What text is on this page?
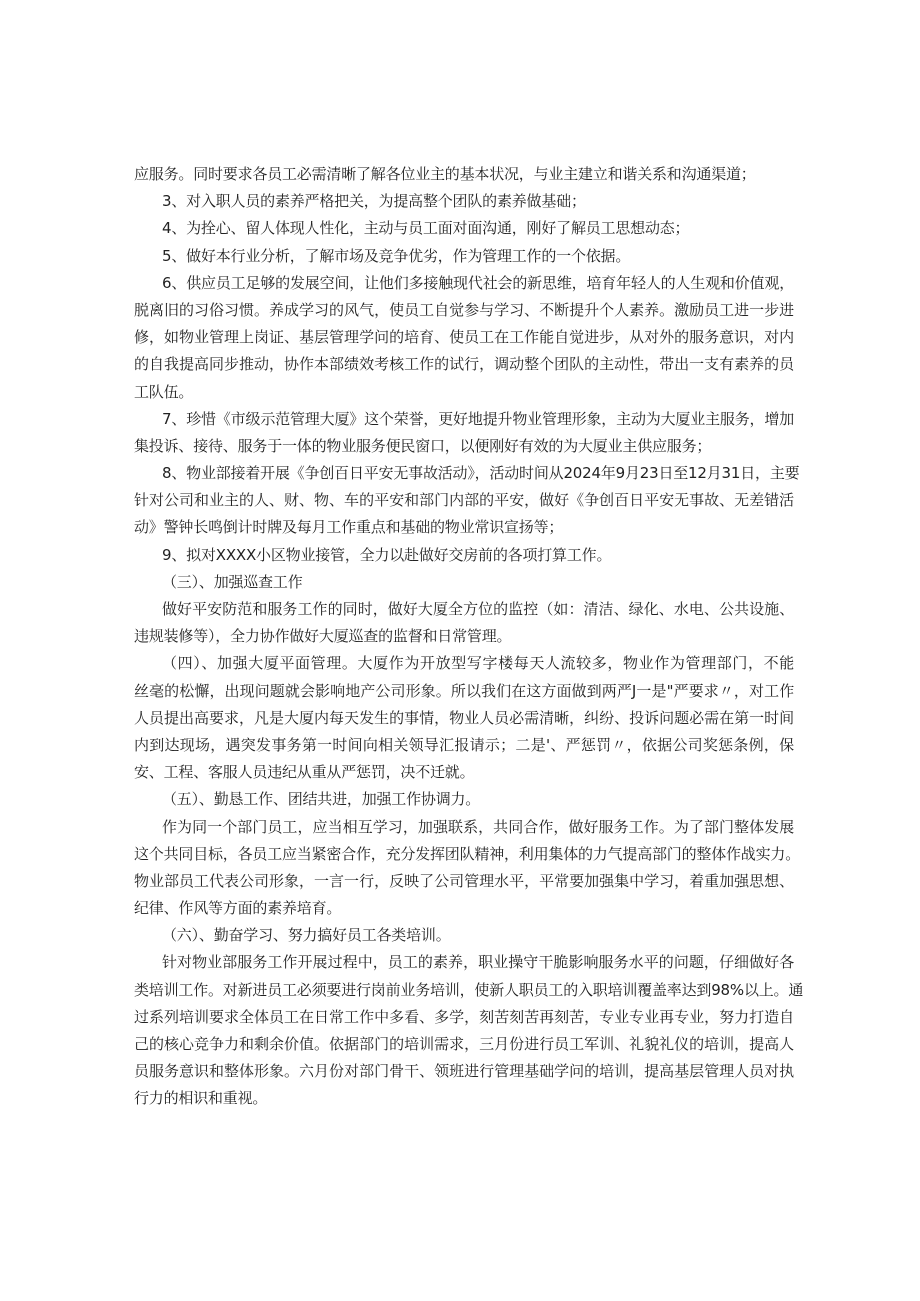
应服务。同时要求各员工必需清晰了解各位业主的基本状况，与业主建立和谐关系和沟通渠道；
3、对入职人员的素养严格把关，为提高整个团队的素养做基础；
4、为拴心、留人体现人性化，主动与员工面对面沟通，刚好了解员工思想动态；
5、做好本行业分析，了解市场及竞争优劣，作为管理工作的一个依据。
6、供应员工足够的发展空间，让他们多接触现代社会的新思维，培育年轻人的人生观和价值观，
脱离旧的习俗习惯。养成学习的风气，使员工自觉参与学习、不断提升个人素养。激励员工进一步进
修，如物业管理上岗证、基层管理学问的培育、使员工在工作能自觉进步，从对外的服务意识，对内
的自我提高同步推动，协作本部绩效考核工作的试行，调动整个团队的主动性，带出一支有素养的员
工队伍。
7、珍惜《市级示范管理大厦》这个荣誉，更好地提升物业管理形象，主动为大厦业主服务，增加
集投诉、接待、服务于一体的物业服务便民窗口，以便刚好有效的为大厦业主供应服务；
8、物业部接着开展《争创百日平安无事故活动》，活动时间从2024年9月23日至12月31日，主要
针对公司和业主的人、财、物、车的平安和部门内部的平安，做好《争创百日平安无事故、无差错活
动》警钟长鸣倒计时牌及每月工作重点和基础的物业常识宣扬等；
9、拟对XXXX小区物业接管，全力以赴做好交房前的各项打算工作。
（三）、加强巡查工作
做好平安防范和服务工作的同时，做好大厦全方位的监控（如：清洁、绿化、水电、公共设施、
违规装修等），全力协作做好大厦巡查的监督和日常管理。
（四）、加强大厦平面管理。大厦作为开放型写字楼每天人流较多，物业作为管理部门，不能
丝毫的松懈，出现问题就会影响地产公司形象。所以我们在这方面做到两严J一是"严要求〃，对工作
人员提出高要求，凡是大厦内每天发生的事情，物业人员必需清晰，纠纷、投诉问题必需在第一时间
内到达现场，遇突发事务第一时间向相关领导汇报请示；二是'、严惩罚〃，依据公司奖惩条例，保
安、工程、客服人员违纪从重从严惩罚，决不迁就。
（五）、勤恳工作、团结共进，加强工作协调力。
作为同一个部门员工，应当相互学习，加强联系，共同合作，做好服务工作。为了部门整体发展
这个共同目标，各员工应当紧密合作，充分发挥团队精神，利用集体的力气提高部门的整体作战实力。
物业部员工代表公司形象，一言一行，反映了公司管理水平，平常要加强集中学习，着重加强思想、
纪律、作风等方面的素养培育。
（六）、勤奋学习、努力搞好员工各类培训。
针对物业部服务工作开展过程中，员工的素养，职业操守干脆影响服务水平的问题，仔细做好各
类培训工作。对新进员工必须要进行岗前业务培训，使新人职员工的入职培训覆盖率达到98%以上。通
过系列培训要求全体员工在日常工作中多看、多学，刻苦刻苦再刻苦，专业专业再专业，努力打造自
己的核心竞争力和剩余价值。依据部门的培训需求，三月份进行员工军训、礼貌礼仪的培训，提高人
员服务意识和整体形象。六月份对部门骨干、领班进行管理基础学问的培训，提高基层管理人员对执
行力的相识和重视。
